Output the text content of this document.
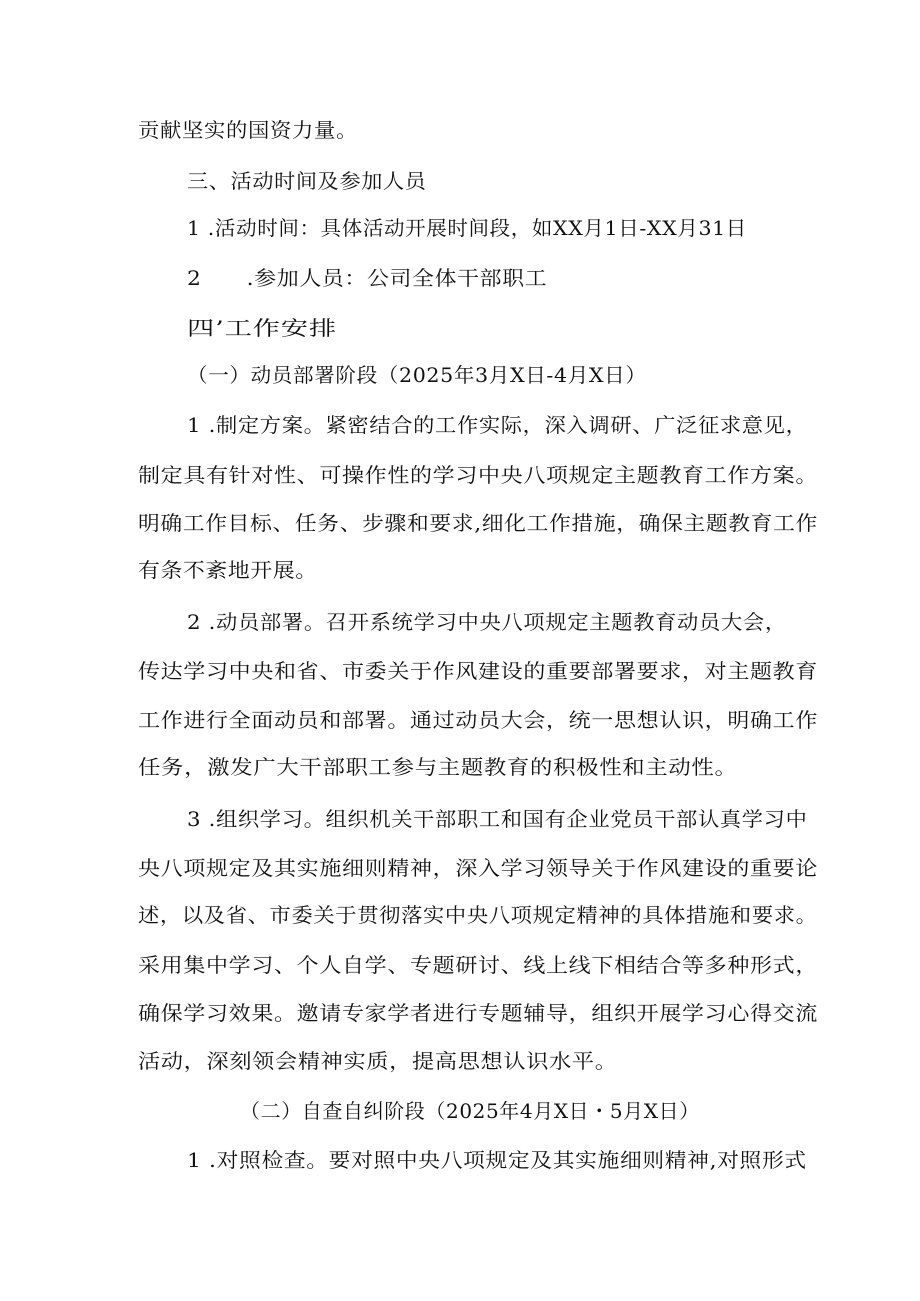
贡献坚实的国资力量。
三、活动时间及参加人员
1 .活动时间：具体活动开展时间段，如XX月1日-XX月31日
2　　.参加人员：公司全体干部职工
四’工作安排
（一）动员部署阶段（2025年3月X日-4月X日）
1 .制定方案。紧密结合的工作实际，深入调研、广泛征求意见，
制定具有针对性、可操作性的学习中央八项规定主题教育工作方案。
明确工作目标、任务、步骤和要求,细化工作措施，确保主题教育工作
有条不紊地开展。
2 .动员部署。召开系统学习中央八项规定主题教育动员大会，
传达学习中央和省、市委关于作风建设的重要部署要求，对主题教育
工作进行全面动员和部署。通过动员大会，统一思想认识，明确工作
任务，激发广大干部职工参与主题教育的积极性和主动性。
3 .组织学习。组织机关干部职工和国有企业党员干部认真学习中
央八项规定及其实施细则精神，深入学习领导关于作风建设的重要论
述，以及省、市委关于贯彻落实中央八项规定精神的具体措施和要求。
采用集中学习、个人自学、专题研讨、线上线下相结合等多种形式，
确保学习效果。邀请专家学者进行专题辅导，组织开展学习心得交流
活动，深刻领会精神实质，提高思想认识水平。
（二）自查自纠阶段（2025年4月X日・5月X日）
1 .对照检查。要对照中央八项规定及其实施细则精神,对照形式
